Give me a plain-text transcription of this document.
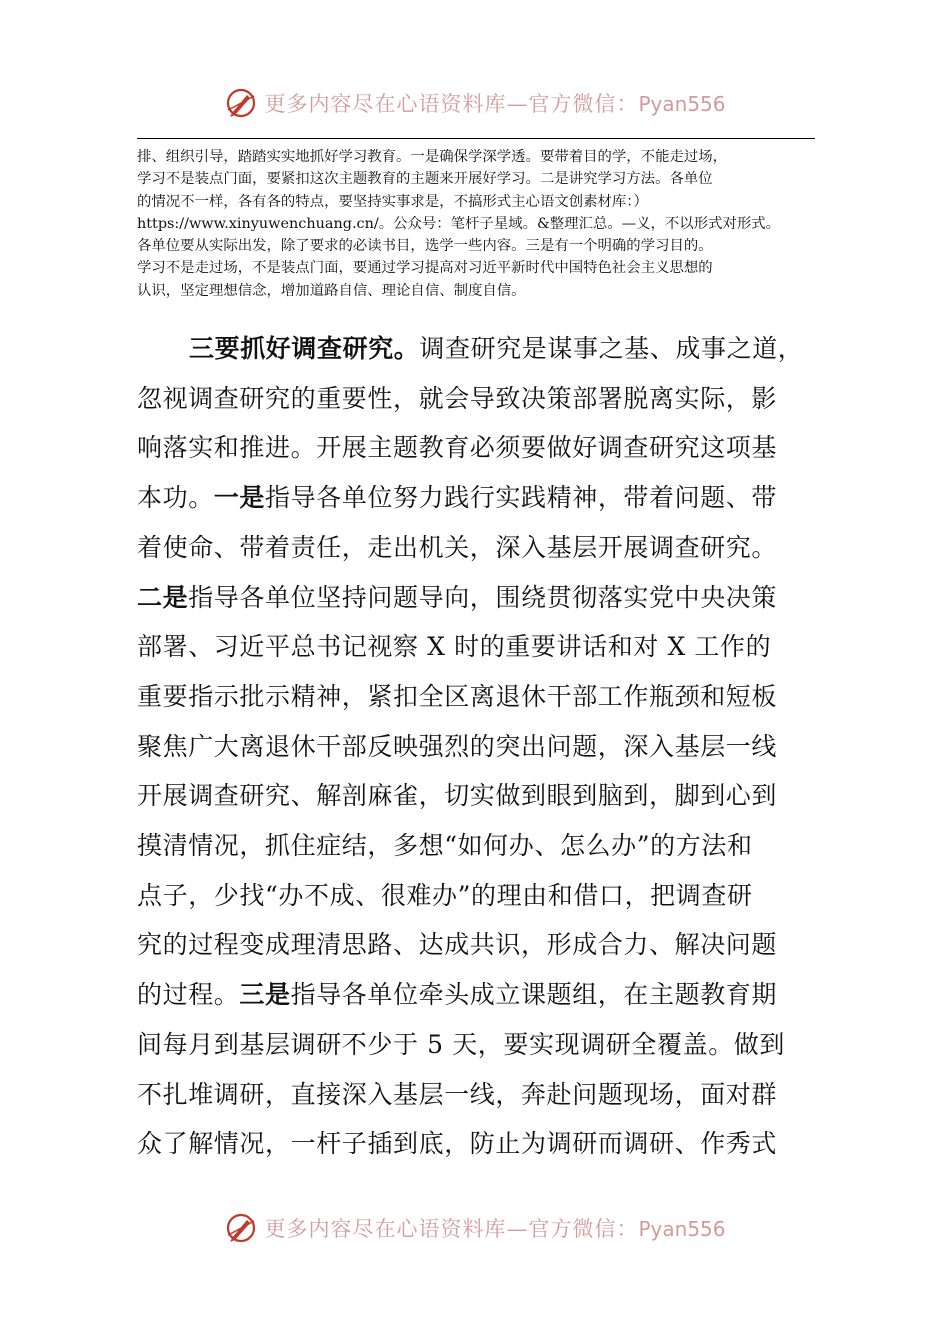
更多内容尽在心语资料库—官方微信：Pyan556

排、组织引导，踏踏实实地抓好学习教育。一是确保学深学透。要带着目的学，不能走过场，

学习不是装点门面，要紧扣这次主题教育的主题来开展好学习。二是讲究学习方法。各单位

的情况不一样，各有各的特点，要坚持实事求是，不搞形式主心语文创素材库：）

https://www.xinyuwenchuang.cn/。公众号：笔杆子星域。&整理汇总。—义，不以形式对形式。

各单位要从实际出发，除了要求的必读书目，选学一些内容。三是有一个明确的学习目的。

学习不是走过场，不是装点门面，要通过学习提高对习近平新时代中国特色社会主义思想的

认识，坚定理想信念，增加道路自信、理论自信、制度自信。

三要抓好调查研究。调查研究是谋事之基、成事之道，

忽视调查研究的重要性，就会导致决策部署脱离实际，影

响落实和推进。开展主题教育必须要做好调查研究这项基

本功。一是指导各单位努力践行实践精神，带着问题、带

着使命、带着责任，走出机关，深入基层开展调查研究。

二是指导各单位坚持问题导向，围绕贯彻落实党中央决策

部署、习近平总书记视察 X 时的重要讲话和对 X 工作的

重要指示批示精神，紧扣全区离退休干部工作瓶颈和短板

聚焦广大离退休干部反映强烈的突出问题，深入基层一线

开展调查研究、解剖麻雀，切实做到眼到脑到，脚到心到

摸清情况，抓住症结，多想“如何办、怎么办”的方法和

点子，少找“办不成、很难办”的理由和借口，把调查研

究的过程变成理清思路、达成共识，形成合力、解决问题

的过程。三是指导各单位牵头成立课题组，在主题教育期

间每月到基层调研不少于 5 天，要实现调研全覆盖。做到

不扎堆调研，直接深入基层一线，奔赴问题现场，面对群

众了解情况，一杆子插到底，防止为调研而调研、作秀式

更多内容尽在心语资料库—官方微信：Pyan556
